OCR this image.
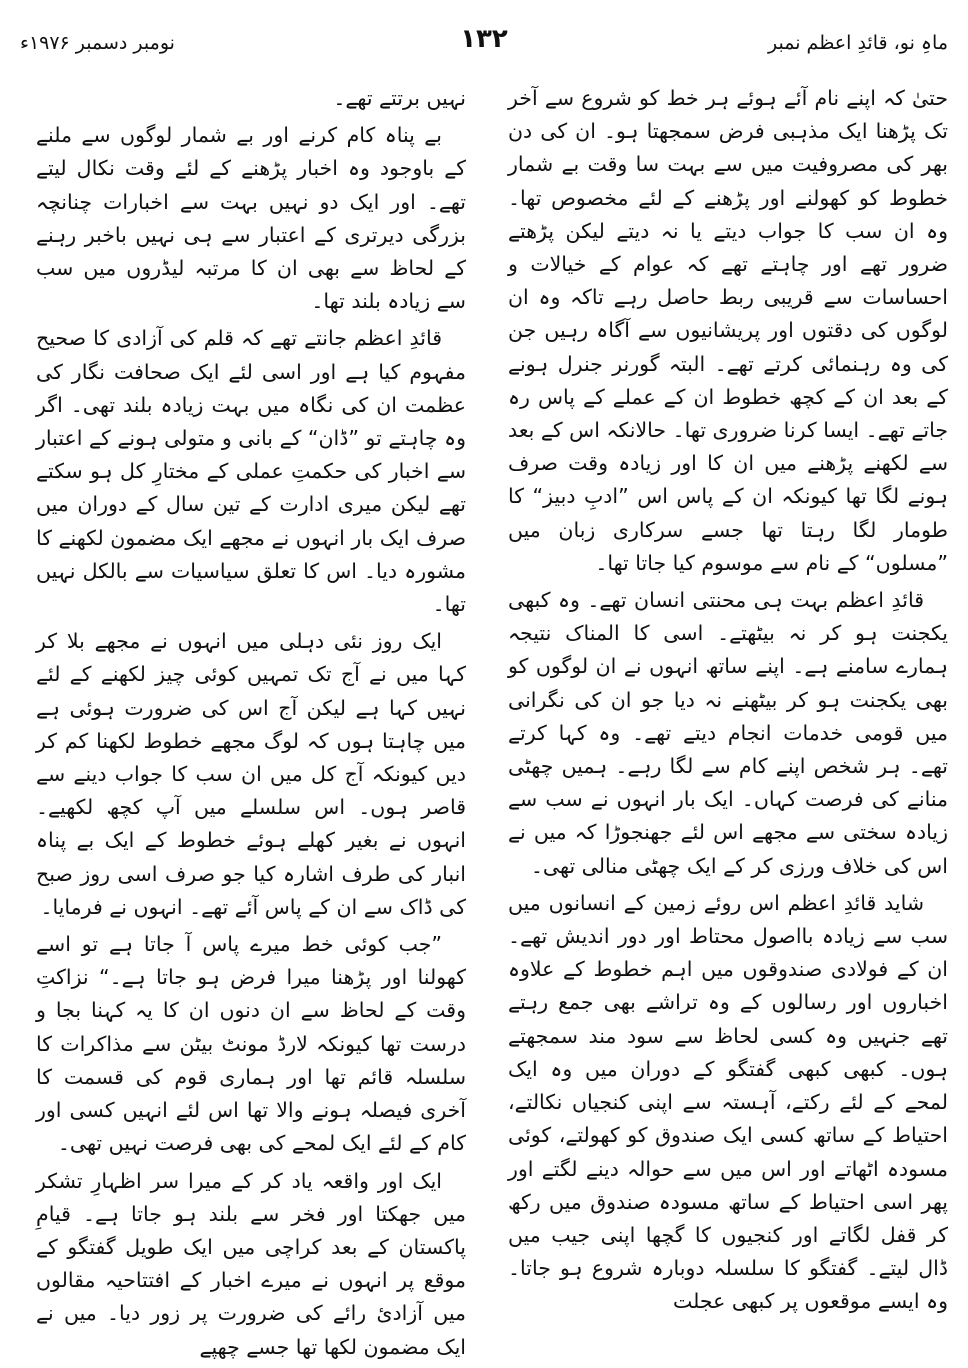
نومبر دسمبر ۱۹۷۶ء	۱۳۲	ماہِ نو، قائدِ اعظم نمبر

حتیٰ کہ اپنے نام آئے ہوئے ہر خط کو شروع سے آخر تک پڑھنا ایک مذہبی فرض سمجھتا ہو۔ ان کی دن بھر کی مصروفیت میں سے بہت سا وقت بے شمار خطوط کو کھولنے اور پڑھنے کے لئے مخصوص تھا۔ وہ ان سب کا جواب دیتے یا نہ دیتے لیکن پڑھتے ضرور تھے اور چاہتے تھے کہ عوام کے خیالات و احساسات سے قریبی ربط حاصل رہے تاکہ وہ ان لوگوں کی دقتوں اور پریشانیوں سے آگاہ رہیں جن کی وہ رہنمائی کرتے تھے۔ البتہ گورنر جنرل ہونے کے بعد ان کے کچھ خطوط ان کے عملے کے پاس رہ جاتے تھے۔ ایسا کرنا ضروری تھا۔ حالانکہ اس کے بعد سے لکھنے پڑھنے میں ان کا اور زیادہ وقت صرف ہونے لگا تھا کیونکہ ان کے پاس اس ”ادبِ دبیز“ کا طومار لگا رہتا تھا جسے سرکاری زبان میں ”مسلوں“ کے نام سے موسوم کیا جاتا تھا۔

قائدِ اعظم بہت ہی محنتی انسان تھے۔ وہ کبھی یکجنت ہو کر نہ بیٹھتے۔ اسی کا المناک نتیجہ ہمارے سامنے ہے۔ اپنے ساتھ انہوں نے ان لوگوں کو بھی یکجنت ہو کر بیٹھنے نہ دیا جو ان کی نگرانی میں قومی خدمات انجام دیتے تھے۔ وہ کہا کرتے تھے۔ ہر شخص اپنے کام سے لگا رہے۔ ہمیں چھٹی منانے کی فرصت کہاں۔ ایک بار انہوں نے سب سے زیادہ سختی سے مجھے اس لئے جھنجوڑا کہ میں نے اس کی خلاف ورزی کر کے ایک چھٹی منالی تھی۔

شاید قائدِ اعظم اس روئے زمین کے انسانوں میں سب سے زیادہ بااصول محتاط اور دور اندیش تھے۔ ان کے فولادی صندوقوں میں اہم خطوط کے علاوہ اخباروں اور رسالوں کے وہ تراشے بھی جمع رہتے تھے جنہیں وہ کسی لحاظ سے سود مند سمجھتے ہوں۔ کبھی کبھی گفتگو کے دوران میں وہ ایک لمحے کے لئے رکتے، آہستہ سے اپنی کنجیاں نکالتے، احتیاط کے ساتھ کسی ایک صندوق کو کھولتے، کوئی مسودہ اٹھاتے اور اس میں سے حوالہ دینے لگتے اور پھر اسی احتیاط کے ساتھ مسودہ صندوق میں رکھ کر قفل لگاتے اور کنجیوں کا گچھا اپنی جیب میں ڈال لیتے۔ گفتگو کا سلسلہ دوبارہ شروع ہو جاتا۔ وہ ایسے موقعوں پر کبھی عجلت

نہیں برتتے تھے۔

بے پناہ کام کرنے اور بے شمار لوگوں سے ملنے کے باوجود وہ اخبار پڑھنے کے لئے وقت نکال لیتے تھے۔ اور ایک دو نہیں بہت سے اخبارات چنانچہ بزرگی دیرتری کے اعتبار سے ہی نہیں باخبر رہنے کے لحاظ سے بھی ان کا مرتبہ لیڈروں میں سب سے زیادہ بلند تھا۔

قائدِ اعظم جانتے تھے کہ قلم کی آزادی کا صحیح مفہوم کیا ہے اور اسی لئے ایک صحافت نگار کی عظمت ان کی نگاہ میں بہت زیادہ بلند تھی۔ اگر وہ چاہتے تو ”ڈان“ کے بانی و متولی ہونے کے اعتبار سے اخبار کی حکمتِ عملی کے مختارِ کل ہو سکتے تھے لیکن میری ادارت کے تین سال کے دوران میں صرف ایک بار انہوں نے مجھے ایک مضمون لکھنے کا مشورہ دیا۔ اس کا تعلق سیاسیات سے بالکل نہیں تھا۔

ایک روز نئی دہلی میں انہوں نے مجھے بلا کر کہا میں نے آج تک تمہیں کوئی چیز لکھنے کے لئے نہیں کہا ہے لیکن آج اس کی ضرورت ہوئی ہے میں چاہتا ہوں کہ لوگ مجھے خطوط لکھنا کم کر دیں کیونکہ آج کل میں ان سب کا جواب دینے سے قاصر ہوں۔ اس سلسلے میں آپ کچھ لکھیے۔ انہوں نے بغیر کھلے ہوئے خطوط کے ایک بے پناہ انبار کی طرف اشارہ کیا جو صرف اسی روز صبح کی ڈاک سے ان کے پاس آئے تھے۔ انہوں نے فرمایا۔

”جب کوئی خط میرے پاس آ جاتا ہے تو اسے کھولنا اور پڑھنا میرا فرض ہو جاتا ہے۔“ نزاکتِ وقت کے لحاظ سے ان دنوں ان کا یہ کہنا بجا و درست تھا کیونکہ لارڈ مونٹ بیٹن سے مذاکرات کا سلسلہ قائم تھا اور ہماری قوم کی قسمت کا آخری فیصلہ ہونے والا تھا اس لئے انہیں کسی اور کام کے لئے ایک لمحے کی بھی فرصت نہیں تھی۔

ایک اور واقعہ یاد کر کے میرا سر اظہارِ تشکر میں جھکتا اور فخر سے بلند ہو جاتا ہے۔ قیامِ پاکستان کے بعد کراچی میں ایک طویل گفتگو کے موقع پر انہوں نے میرے اخبار کے افتتاحیہ مقالوں میں آزادیٔ رائے کی ضرورت پر زور دیا۔ میں نے ایک مضمون لکھا تھا جسے چھپے
